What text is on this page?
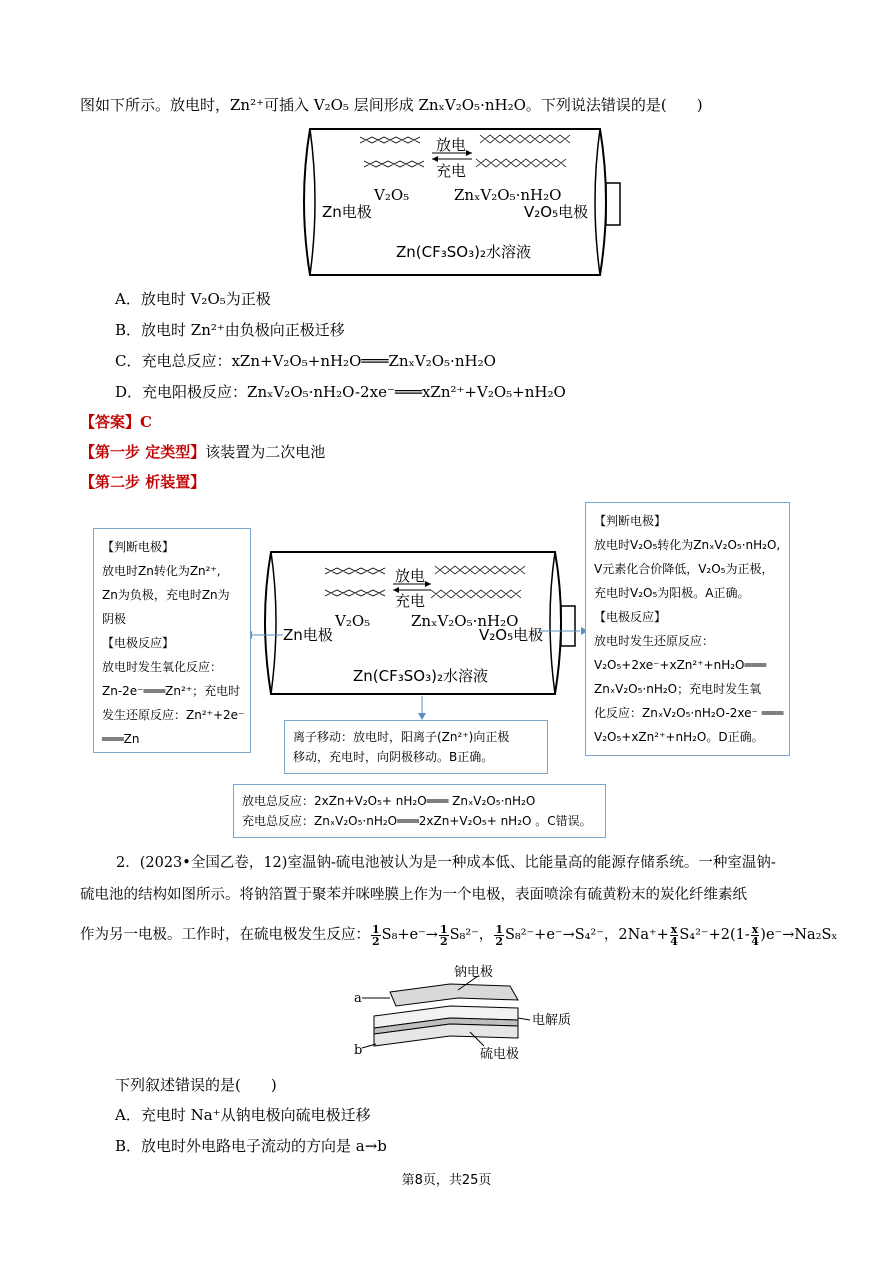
图如下所示。放电时，Zn²⁺可插入 V₂O₅ 层间形成 ZnₓV₂O₅·nH₂O。下列说法错误的是(　　)
放电
充电
V₂O₅	ZnₓV₂O₅·nH₂O
Zn电极	V₂O₅电极
Zn(CF₃SO₃)₂水溶液
A．放电时 V₂O₅为正极
B．放电时 Zn²⁺由负极向正极迁移
C．充电总反应：xZn+V₂O₅+nH₂O═══ZnₓV₂O₅·nH₂O
D．充电阳极反应：ZnₓV₂O₅·nH₂O-2xe⁻═══xZn²⁺+V₂O₅+nH₂O
【答案】C
【第一步 定类型】该装置为二次电池
【第二步 析装置】
放电
充电
V₂O₅	ZnₓV₂O₅·nH₂O
Zn电极	V₂O₅电极
Zn(CF₃SO₃)₂水溶液
【判断电极】
放电时Zn转化为Zn²⁺,
Zn为负极，充电时Zn为
阴极
【电极反应】
放电时发生氧化反应：
Zn-2e⁻═══Zn²⁺；充电时
发生还原反应：Zn²⁺+2e⁻
═══Zn
【判断电极】
放电时V₂O₅转化为ZnₓV₂O₅·nH₂O,
V元素化合价降低，V₂O₅为正极，
充电时V₂O₅为阳极。A正确。
【电极反应】
放电时发生还原反应：
V₂O₅+2xe⁻+xZn²⁺+nH₂O═══
ZnₓV₂O₅·nH₂O；充电时发生氧
化反应：ZnₓV₂O₅·nH₂O-2xe⁻ ═══
V₂O₅+xZn²⁺+nH₂O。D正确。
离子移动：放电时，阳离子(Zn²⁺)向正极
移动，充电时，向阴极移动。B正确。
放电总反应：2xZn+V₂O₅+ nH₂O═══ ZnₓV₂O₅·nH₂O
充电总反应：ZnₓV₂O₅·nH₂O═══2xZn+V₂O₅+ nH₂O 。C错误。
2．(2023•全国乙卷，12)室温钠-硫电池被认为是一种成本低、比能量高的能源存储系统。一种室温钠-
硫电池的结构如图所示。将钠箔置于聚苯并咪唑膜上作为一个电极，表面喷涂有硫黄粉末的炭化纤维素纸
作为另一电极。工作时，在硫电极发生反应： $\frac{1}{2} S_8+e^-\to \frac{1}{2} S_8^{2-}$， $\frac{1}{2} S_8^{2-}+e^-\to S_4^{2-}$，$2Na^++ \frac{x}{4} S_4^{2-}+2(1- \frac{x}{4} )e^-\to Na_2S_x$
a
b
钠电极
电解质
硫电极
下列叙述错误的是(　　)
A．充电时 Na⁺从钠电极向硫电极迁移
B．放电时外电路电子流动的方向是 a→b
第8页，共25页
